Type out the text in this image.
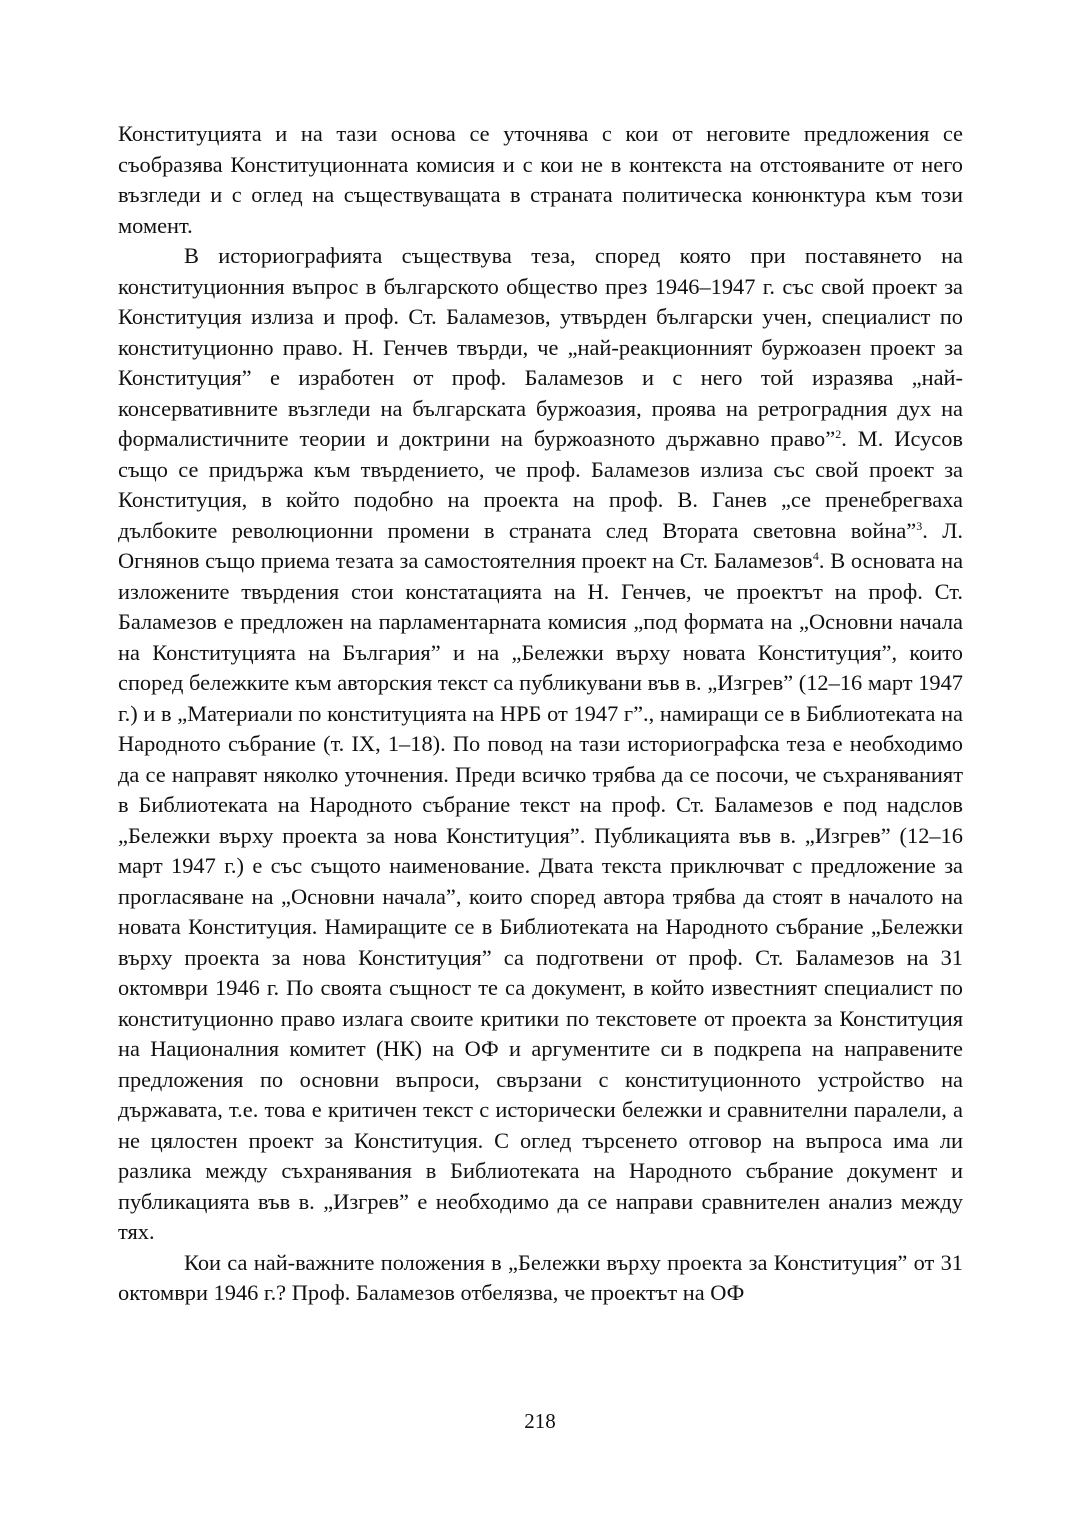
Конституцията и на тази основа се уточнява с кои от неговите предложения се съобразява Конституционната комисия и с кои не в контекста на отстояваните от него възгледи и с оглед на съществуващата в страната политическа конюнктура към този момент.

В историографията съществува теза, според която при поставянето на конституционния въпрос в българското общество през 1946–1947 г. със свой проект за Конституция излиза и проф. Ст. Баламезов, утвърден български учен, специалист по конституционно право. Н. Генчев твърди, че „най-реакционният буржоазен проект за Конституция” е изработен от проф. Баламезов и с него той изразява „най-консервативните възгледи на българската буржоазия, проява на ретроградния дух на формалистичните теории и доктрини на буржоазното държавно право”$^2$. М. Исусов също се придържа към твърдението, че проф. Баламезов излиза със свой проект за Конституция, в който подобно на проекта на проф. В. Ганев „се пренебрегваха дълбоките революционни промени в страната след Втората световна война”$^3$. Л. Огнянов също приема тезата за самостоятелния проект на Ст. Баламезов$^4$. В основата на изложените твърдения стои констатацията на Н. Генчев, че проектът на проф. Ст. Баламезов е предложен на парламентарната комисия „под формата на „Основни начала на Конституцията на България” и на „Бележки върху новата Конституция”, които според бележките към авторския текст са публикувани във в. „Изгрев” (12–16 март 1947 г.) и в „Материали по конституцията на НРБ от 1947 г”., намиращи се в Библиотеката на Народното събрание (т. IX, 1–18). По повод на тази историографска теза е необходимо да се направят няколко уточнения. Преди всичко трябва да се посочи, че съхраняваният в Библиотеката на Народното събрание текст на проф. Ст. Баламезов е под надслов „Бележки върху проекта за нова Конституция”. Публикацията във в. „Изгрев” (12–16 март 1947 г.) е със същото наименование. Двата текста приключват с предложение за прогласяване на „Основни начала”, които според автора трябва да стоят в началото на новата Конституция. Намиращите се в Библиотеката на Народното събрание „Бележки върху проекта за нова Конституция” са подготвени от проф. Ст. Баламезов на 31 октомври 1946 г. По своята същност те са документ, в който известният специалист по конституционно право излага своите критики по текстовете от проекта за Конституция на Националния комитет (НК) на ОФ и аргументите си в подкрепа на направените предложения по основни въпроси, свързани с конституционното устройство на държавата, т.е. това е критичен текст с исторически бележки и сравнителни паралели, а не цялостен проект за Конституция. С оглед търсенето отговор на въпроса има ли разлика между съхранявания в Библиотеката на Народното събрание документ и публикацията във в. „Изгрев” е необходимо да се направи сравнителен анализ между тях.

Кои са най-важните положения в „Бележки върху проекта за Конституция” от 31 октомври 1946 г.? Проф. Баламезов отбелязва, че проектът на ОФ

218
